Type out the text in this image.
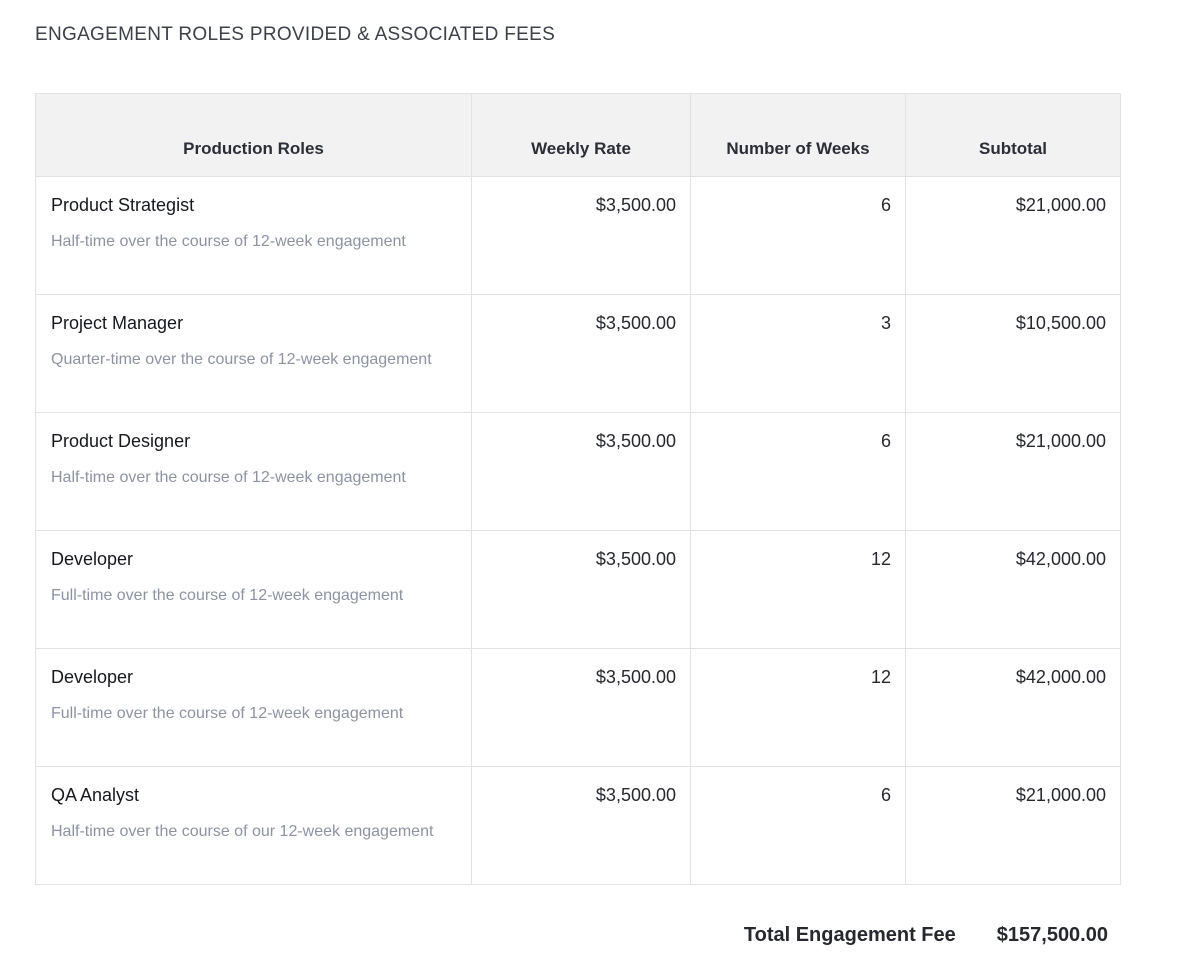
ENGAGEMENT ROLES PROVIDED & ASSOCIATED FEES
Production Roles	Weekly Rate	Number of Weeks	Subtotal

Product Strategist
Half-time over the course of 12-week engagement	$3,500.00	6	$21,000.00

Project Manager
Quarter-time over the course of 12-week engagement	$3,500.00	3	$10,500.00

Product Designer
Half-time over the course of 12-week engagement	$3,500.00	6	$21,000.00

Developer
Full-time over the course of 12-week engagement	$3,500.00	12	$42,000.00

Developer
Full-time over the course of 12-week engagement	$3,500.00	12	$42,000.00

QA Analyst
Half-time over the course of our 12-week engagement	$3,500.00	6	$21,000.00
Total Engagement Fee $157,500.00
